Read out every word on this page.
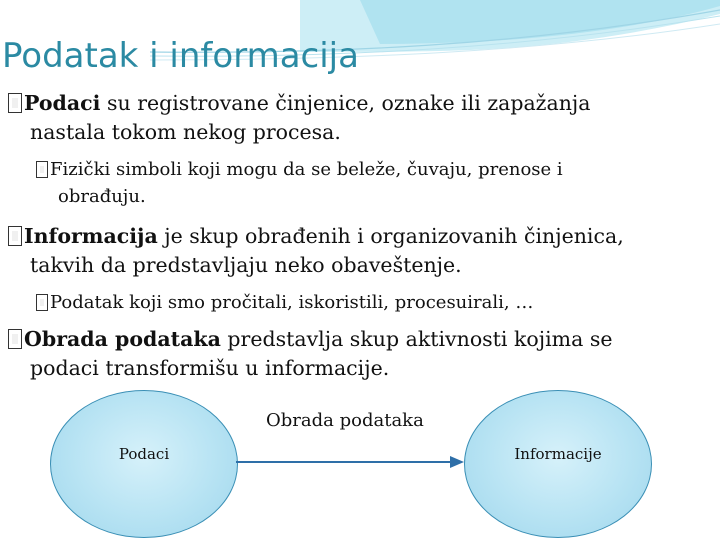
Podatak i informacija
Podaci su registrovane činjenice, oznake ili zapažanja
nastala tokom nekog procesa.
Fizički simboli koji mogu da se beleže, čuvaju, prenose i
obrađuju.
Informacija je skup obrađenih i organizovanih činjenica,
takvih da predstavljaju neko obaveštenje.
Podatak koji smo pročitali, iskoristili, procesuirali, …
Obrada podataka predstavlja skup aktivnosti kojima se
podaci transformišu u informacije.
Podaci	Informacije
Obrada podataka
